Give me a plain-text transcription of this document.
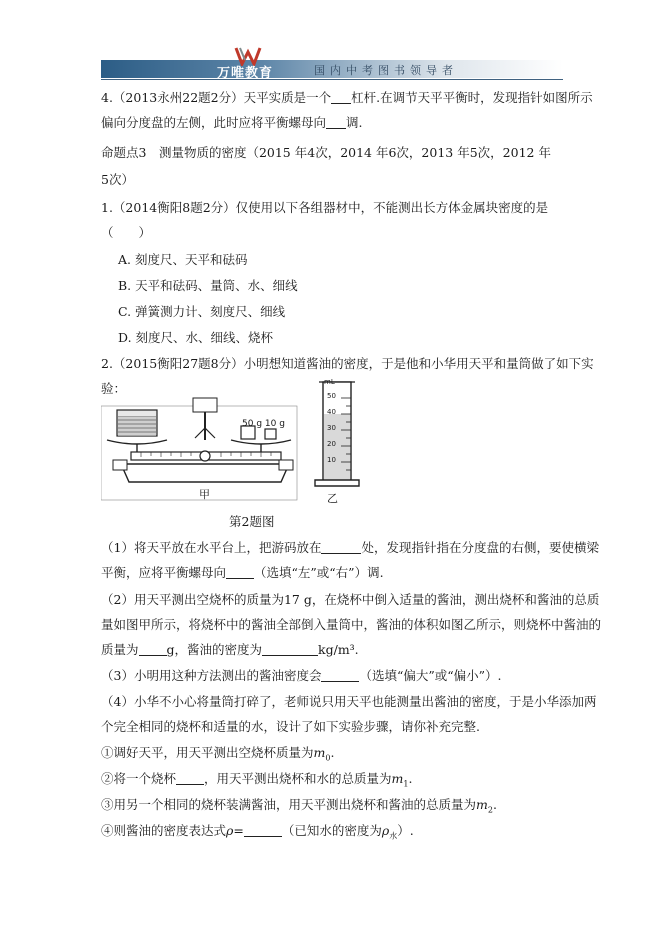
万唯教育	国内中考图书领导者
4.（2013永州22题2分）天平实质是一个 杠杆.在调节天平平衡时，发现指针如图所示
偏向分度盘的左侧，此时应将平衡螺母向 调.
命题点3　测量物质的密度（2015 年4次，2014 年6次，2013 年5次，2012 年
5次）
1.（2014衡阳8题2分）仅使用以下各组器材中，不能测出长方体金属块密度的是
（　　）
A. 刻度尺、天平和砝码
B. 天平和砝码、量筒、水、细线
C. 弹簧测力计、刻度尺、细线
D. 刻度尺、水、细线、烧杯
2.（2015衡阳27题8分）小明想知道酱油的密度，于是他和小华用天平和量筒做了如下实
验：
50 g 10 g
甲	乙
mL
50
40
30
20
10
第2题图
（1）将天平放在水平台上，把游码放在	处，发现指针指在分度盘的右侧，要使横梁
平衡，应将平衡螺母向 （选填“左”或“右”）调.
（2）用天平测出空烧杯的质量为17 g，在烧杯中倒入适量的酱油，测出烧杯和酱油的总质
量如图甲所示，将烧杯中的酱油全部倒入量筒中，酱油的体积如图乙所示，则烧杯中酱油的
质量为 g，酱油的密度为	kg/m³.
（3）小明用这种方法测出的酱油密度会	（选填“偏大”或“偏小”）.
（4）小华不小心将量筒打碎了，老师说只用天平也能测量出酱油的密度，于是小华添加两
个完全相同的烧杯和适量的水，设计了如下实验步骤，请你补充完整.
①调好天平，用天平测出空烧杯质量为$m_0$.
②将一个烧杯 ，用天平测出烧杯和水的总质量为$m_1$.
③用另一个相同的烧杯装满酱油，用天平测出烧杯和酱油的总质量为$m_2$.
④则酱油的密度表达式ρ=	（已知水的密度为$\rho_水$）.
